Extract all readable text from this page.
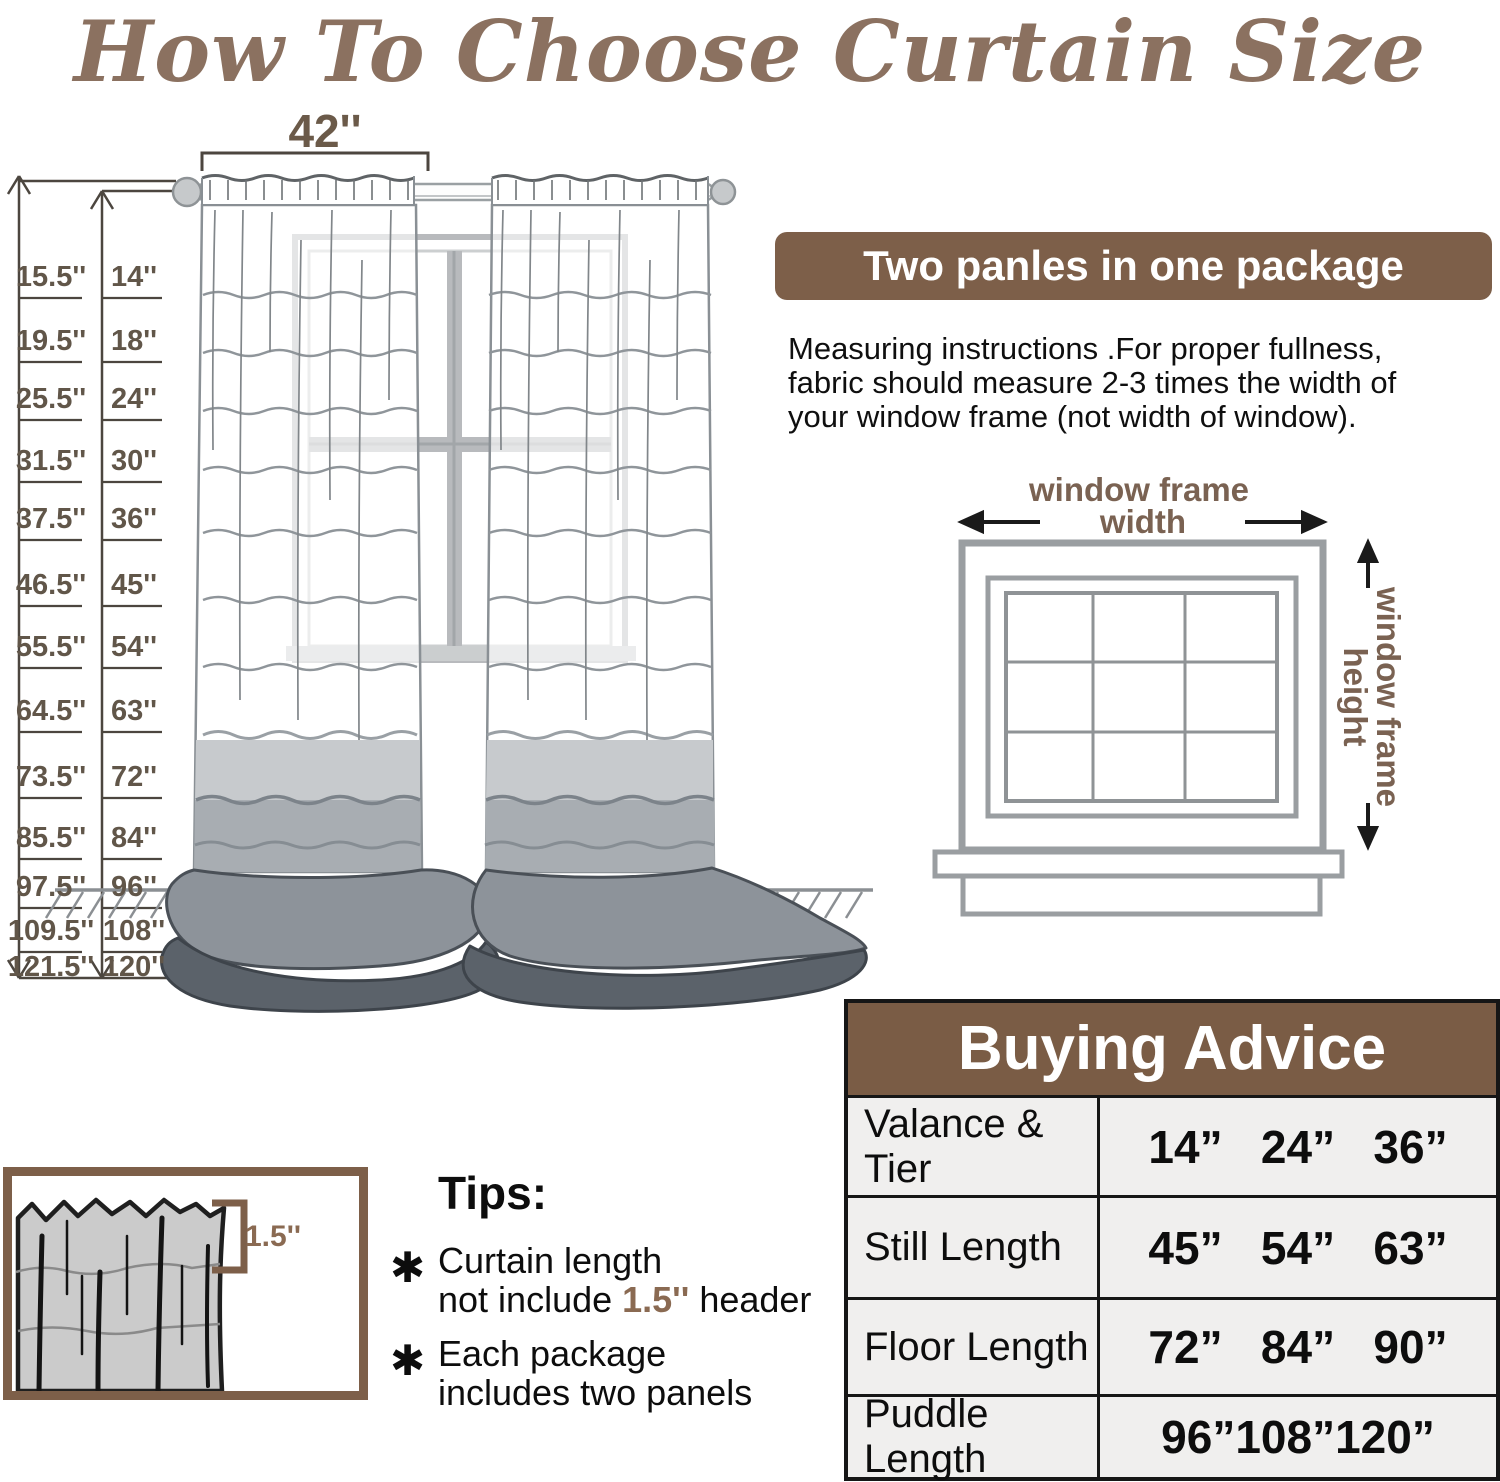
How To Choose Curtain Size
15.5'' 14''
19.5'' 18''
25.5'' 24''
31.5'' 30''
37.5'' 36''
46.5'' 45''
55.5'' 54''
64.5'' 63''
73.5'' 72''
85.5'' 84''
97.5'' 96''
109.5'' 108''
121.5'' 120''
42''
Two panles in one package
Measuring instructions .For proper fullness,
fabric should measure 2-3 times the width of
your window frame (not width of window).
window frame
width
window frame
height
1.5''
Tips:
✱
✱
Curtain length
not include 1.5'' header
Each package
includes two panels
Buying Advice
Valance & Tier	14”   24”   36”
Still Length	45”   54”   63”
Floor Length	72”   84”   90”
Puddle Length	96”108”120”
